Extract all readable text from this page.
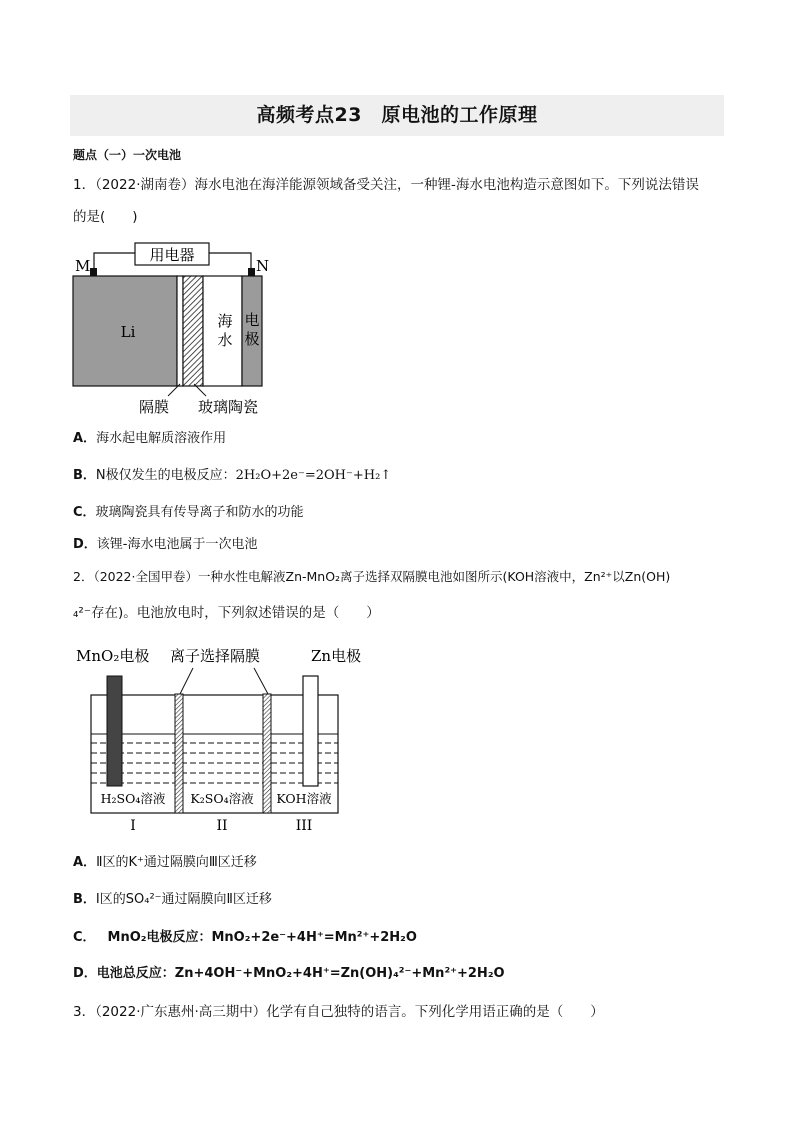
高频考点23　原电池的工作原理
题点（一）一次电池
1．（2022·湖南卷）海水电池在海洋能源领域备受关注，一种锂-海水电池构造示意图如下。下列说法错误
的是(　　)
用电器
M	N
Li
海
水
电
极
隔膜 玻璃陶瓷
A．海水起电解质溶液作用
B．N极仅发生的电极反应：2H₂O+2e⁻=2OH⁻+H₂↑
C．玻璃陶瓷具有传导离子和防水的功能
D．该锂-海水电池属于一次电池
2．（2022·全国甲卷）一种水性电解液Zn-MnO₂离子选择双隔膜电池如图所示(KOH溶液中，Zn²⁺以Zn(OH)
₄²⁻存在)。电池放电时，下列叙述错误的是（　　）
MnO₂电极 离子选择隔膜	Zn电极
H₂SO₄溶液 K₂SO₄溶液 KOH溶液
I	II	III
A．Ⅱ区的K⁺通过隔膜向Ⅲ区迁移
B．Ⅰ区的SO₄²⁻通过隔膜向Ⅱ区迁移
C． MnO₂电极反应：MnO₂+2e⁻+4H⁺=Mn²⁺+2H₂O
D．电池总反应：Zn+4OH⁻+MnO₂+4H⁺=Zn(OH)₄²⁻+Mn²⁺+2H₂O
3．（2022·广东惠州·高三期中）化学有自己独特的语言。下列化学用语正确的是（　　）
